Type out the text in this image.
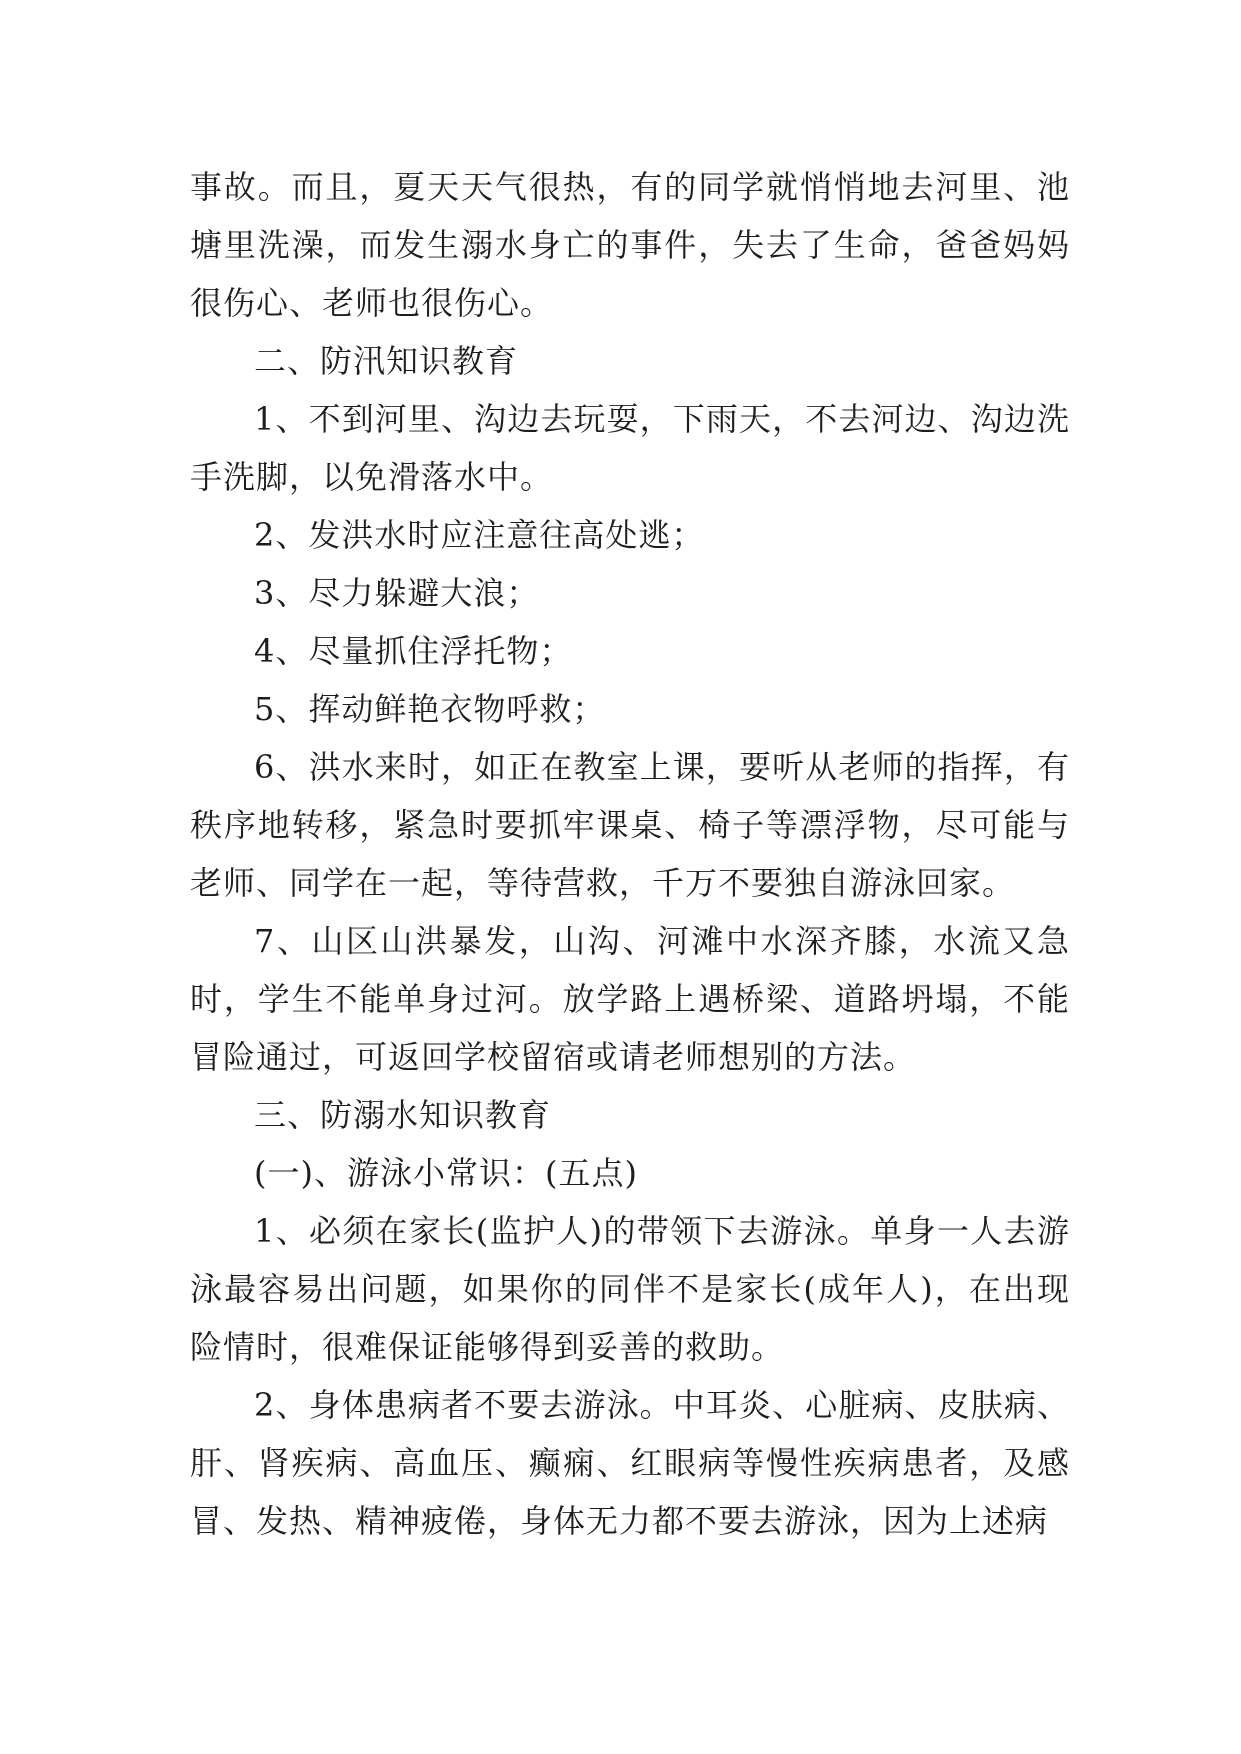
事故。而且，夏天天气很热，有的同学就悄悄地去河里、池塘里洗澡，而发生溺水身亡的事件，失去了生命，爸爸妈妈很伤心、老师也很伤心。

二、防汛知识教育

1、不到河里、沟边去玩耍，下雨天，不去河边、沟边洗手洗脚，以免滑落水中。

2、发洪水时应注意往高处逃；

3、尽力躲避大浪；

4、尽量抓住浮托物；

5、挥动鲜艳衣物呼救；

6、洪水来时，如正在教室上课，要听从老师的指挥，有秩序地转移，紧急时要抓牢课桌、椅子等漂浮物，尽可能与老师、同学在一起，等待营救，千万不要独自游泳回家。

7、山区山洪暴发，山沟、河滩中水深齐膝，水流又急时，学生不能单身过河。放学路上遇桥梁、道路坍塌，不能冒险通过，可返回学校留宿或请老师想别的方法。

三、防溺水知识教育

(一)、游泳小常识：(五点)

1、必须在家长(监护人)的带领下去游泳。单身一人去游泳最容易出问题，如果你的同伴不是家长(成年人)，在出现险情时，很难保证能够得到妥善的救助。

2、身体患病者不要去游泳。中耳炎、心脏病、皮肤病、肝、肾疾病、高血压、癫痫、红眼病等慢性疾病患者，及感冒、发热、精神疲倦，身体无力都不要去游泳，因为上述病
